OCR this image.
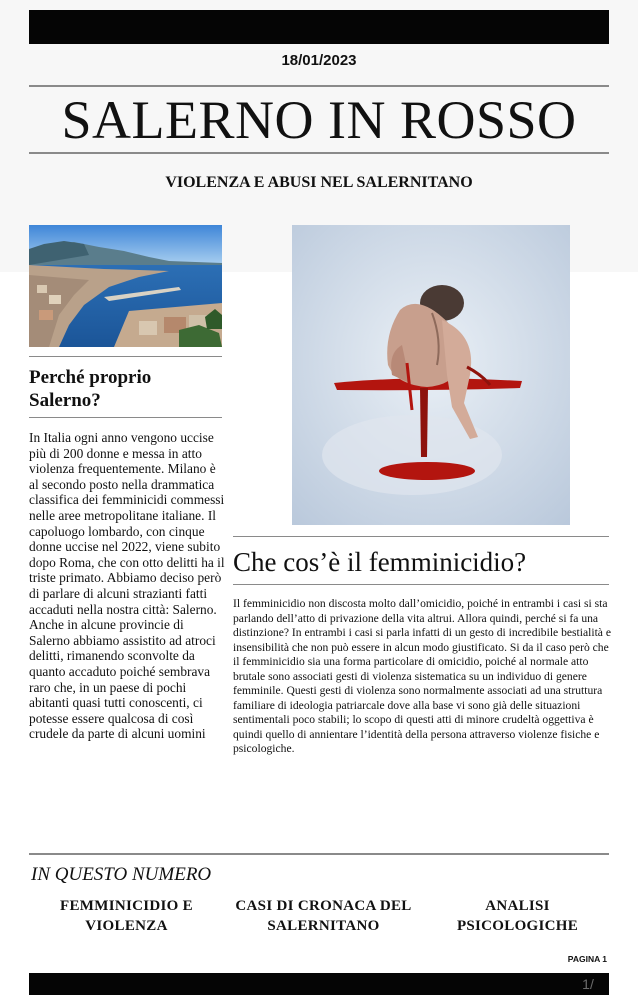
18/01/2023
SALERNO IN ROSSO
VIOLENZA E ABUSI NEL SALERNITANO
Perché proprio Salerno?
In Italia ogni anno vengono uccise più di 200 donne e messa in atto violenza frequentemente. Milano è al secondo posto nella drammatica classifica dei femminicidi commessi nelle aree metropolitane italiane. Il capoluogo lombardo, con cinque donne uccise nel 2022, viene subito dopo Roma, che con otto delitti ha il triste primato. Abbiamo deciso però di parlare di alcuni strazianti fatti accaduti nella nostra città: Salerno. Anche in alcune provincie di Salerno abbiamo assistito ad atroci delitti, rimanendo sconvolte da quanto accaduto poiché sembrava raro che, in un paese di pochi abitanti quasi tutti conoscenti, ci potesse essere qualcosa di così crudele da parte di alcuni uomini
Che cos’è il femminicidio?
Il femminicidio non discosta molto dall’omicidio, poiché in entrambi i casi si sta parlando dell’atto di privazione della vita altrui. Allora quindi, perché si fa una distinzione? In entrambi i casi si parla infatti di un gesto di incredibile bestialità e insensibilità che non può essere in alcun modo giustificato. Si da il caso però che il femminicidio sia una forma particolare di omicidio, poiché al normale atto brutale sono associati gesti di violenza sistematica su un individuo di genere femminile. Questi gesti di violenza sono normalmente associati ad una struttura familiare di ideologia patriarcale dove alla base vi sono già delle situazioni sentimentali poco stabili; lo scopo di questi atti di minore crudeltà oggettiva è quindi quello di annientare l’identità della persona attraverso violenze fisiche e psicologiche.
IN QUESTO NUMERO
FEMMINICIDIO E VIOLENZA
CASI DI CRONACA DEL SALERNITANO
ANALISI PSICOLOGICHE
PAGINA 1
1/
